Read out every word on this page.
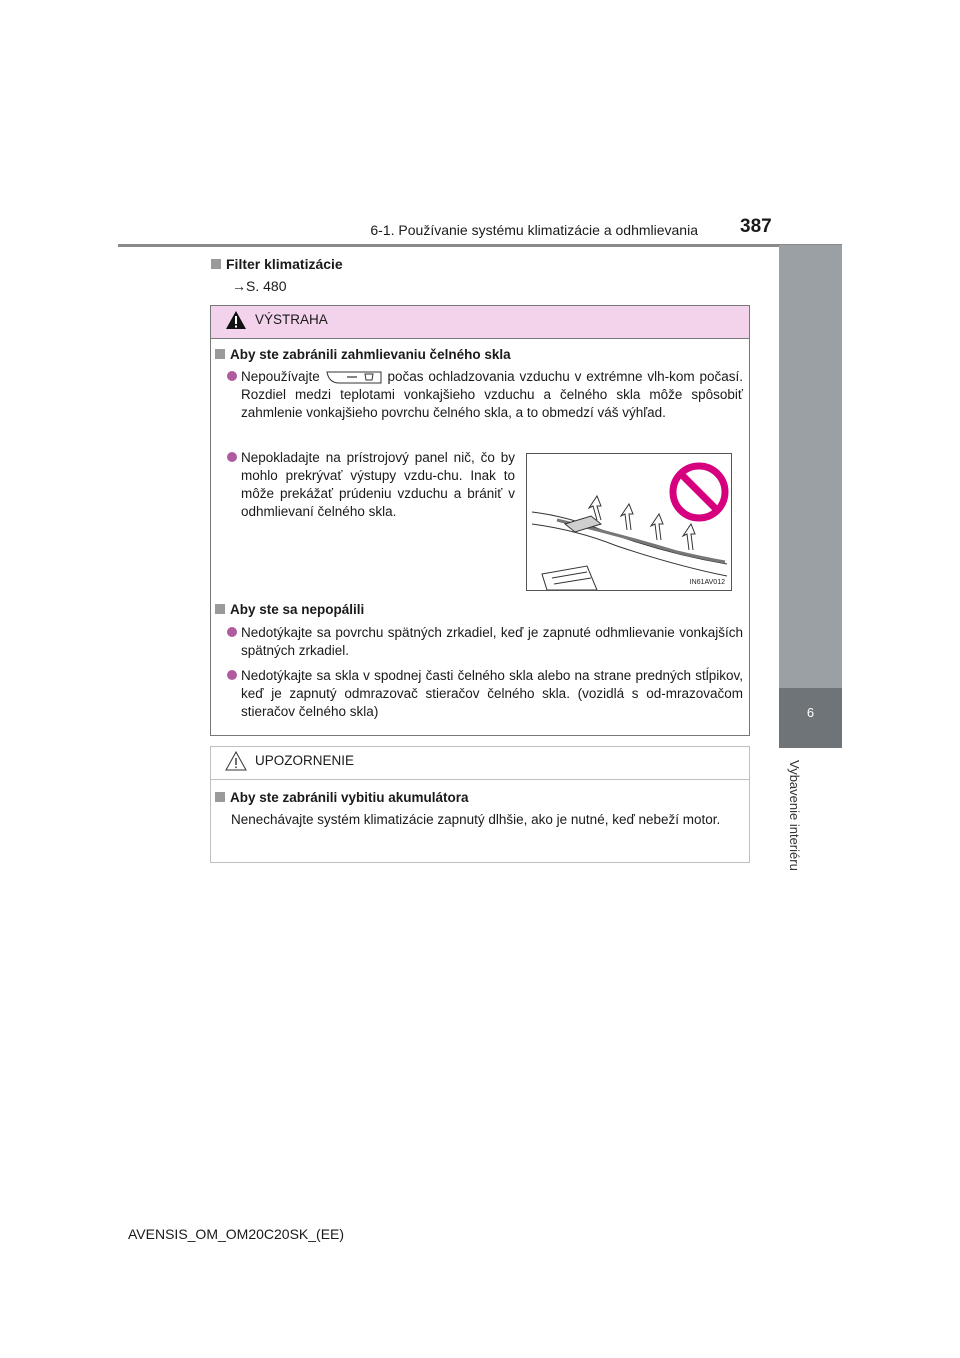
6-1. Používanie systému klimatizácie a odhmlievania 387
6
Vybavenie interiéru
Filter klimatizácie
→S. 480
VÝSTRAHA
Aby ste zabránili zahmlievaniu čelného skla
Nepoužívajte	počas ochladzovania vzduchu v extrémne vlh-kom počasí. Rozdiel medzi teplotami vonkajšieho vzduchu a čelného skla môže spôsobiť zahmlenie vonkajšieho povrchu čelného skla, a to obmedzí váš výhľad.
Nepokladajte na prístrojový panel nič, čo by mohlo prekrývať výstupy vzdu-chu. Inak to môže prekážať prúdeniu vzduchu a brániť v odhmlievaní čelného skla.
IN61AV012
Aby ste sa nepopálili
Nedotýkajte sa povrchu spätných zrkadiel, keď je zapnuté odhmlievanie vonkajších spätných zrkadiel.
Nedotýkajte sa skla v spodnej časti čelného skla alebo na strane predných stĺpikov, keď je zapnutý odmrazovač stieračov čelného skla. (vozidlá s od-mrazovačom stieračov čelného skla)
UPOZORNENIE
Aby ste zabránili vybitiu akumulátora
Nenechávajte systém klimatizácie zapnutý dlhšie, ako je nutné, keď nebeží motor.
AVENSIS_OM_OM20C20SK_(EE)
